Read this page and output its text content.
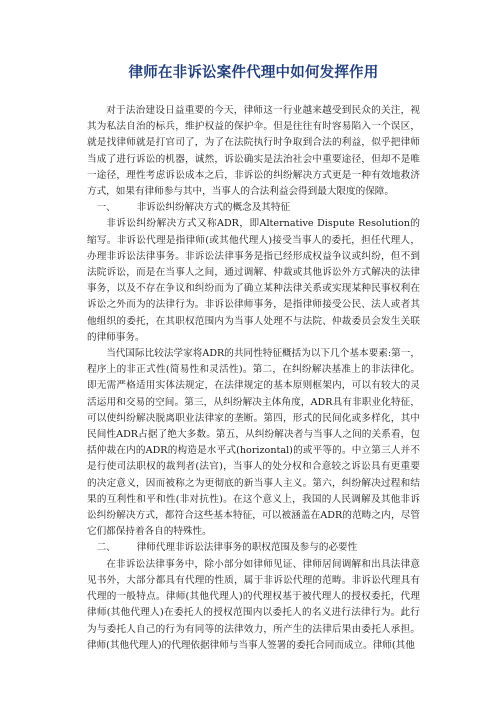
律师在非诉讼案件代理中如何发挥作用

对于法治建设日益重要的今天，律师这一行业越来越受到民众的关注，视其为私法自治的标兵，维护权益的保护伞。但是往往有时容易陷入一个误区，就是找律师就是打官司了，为了在法院执行时争取到合法的利益，似乎把律师当成了进行诉讼的机器，诚然，诉讼确实是法治社会中重要途径，但却不是唯一途径，理性考虑诉讼成本之后，非诉讼的纠纷解决方式更是一种有效地救济方式，如果有律师参与其中，当事人的合法利益会得到最大限度的保障。

一、 非诉讼纠纷解决方式的概念及其特征

非诉讼纠纷解决方式又称ADR，即Alternative Dispute Resolution的缩写。非诉讼代理是指律师(或其他代理人)接受当事人的委托，担任代理人，办理非诉讼法律事务。非诉讼法律事务是指已经形成权益争议或纠纷，但不到法院诉讼，而是在当事人之间，通过调解、仲裁或其他诉讼外方式解决的法律事务，以及不存在争议和纠纷而为了确立某种法律关系或实现某种民事权利在诉讼之外而为的法律行为。非诉讼律师事务，是指律师接受公民、法人或者其他组织的委托，在其职权范围内为当事人处理不与法院、仲裁委员会发生关联的律师事务。

当代国际比较法学家将ADR的共同性特征概括为以下几个基本要素:第一，程序上的非正式性(简易性和灵活性)。第二，在纠纷解决基准上的非法律化。即无需严格适用实体法规定，在法律规定的基本原则框架内，可以有较大的灵活运用和交易的空间。第三，从纠纷解决主体角度，ADR具有非职业化特征，可以使纠纷解决脱离职业法律家的垄断。第四，形式的民间化或多样化，其中民间性ADR占据了绝大多数。第五，从纠纷解决者与当事人之间的关系看，包括仲裁在内的ADR的构造是水平式(horizontal)的或平等的。中立第三人并不是行使司法职权的裁判者(法官)，当事人的处分权和合意较之诉讼具有更重要的决定意义，因而被称之为更彻底的新当事人主义。第六，纠纷解决过程和结果的互利性和平和性(非对抗性)。在这个意义上，我国的人民调解及其他非诉讼纠纷解决方式，都符合这些基本特征，可以被涵盖在ADR的范畴之内，尽管它们都保持着各自的特殊性。

二、 律师代理非诉讼法律事务的职权范围及参与的必要性

在非诉讼法律事务中，除小部分如律师见证、律师居间调解和出具法律意见书外，大部分都具有代理的性质，属于非诉讼代理的范畴。非诉讼代理具有代理的一般特点。律师(其他代理人)的代理权基于被代理人的授权委托，代理律师(其他代理人)在委托人的授权范围内以委托人的名义进行法律行为。此行为与委托人自己的行为有同等的法律效力，所产生的法律后果由委托人承担。律师(其他代理人)的代理依据律师与当事人签署的委托合同而成立。律师(其他
